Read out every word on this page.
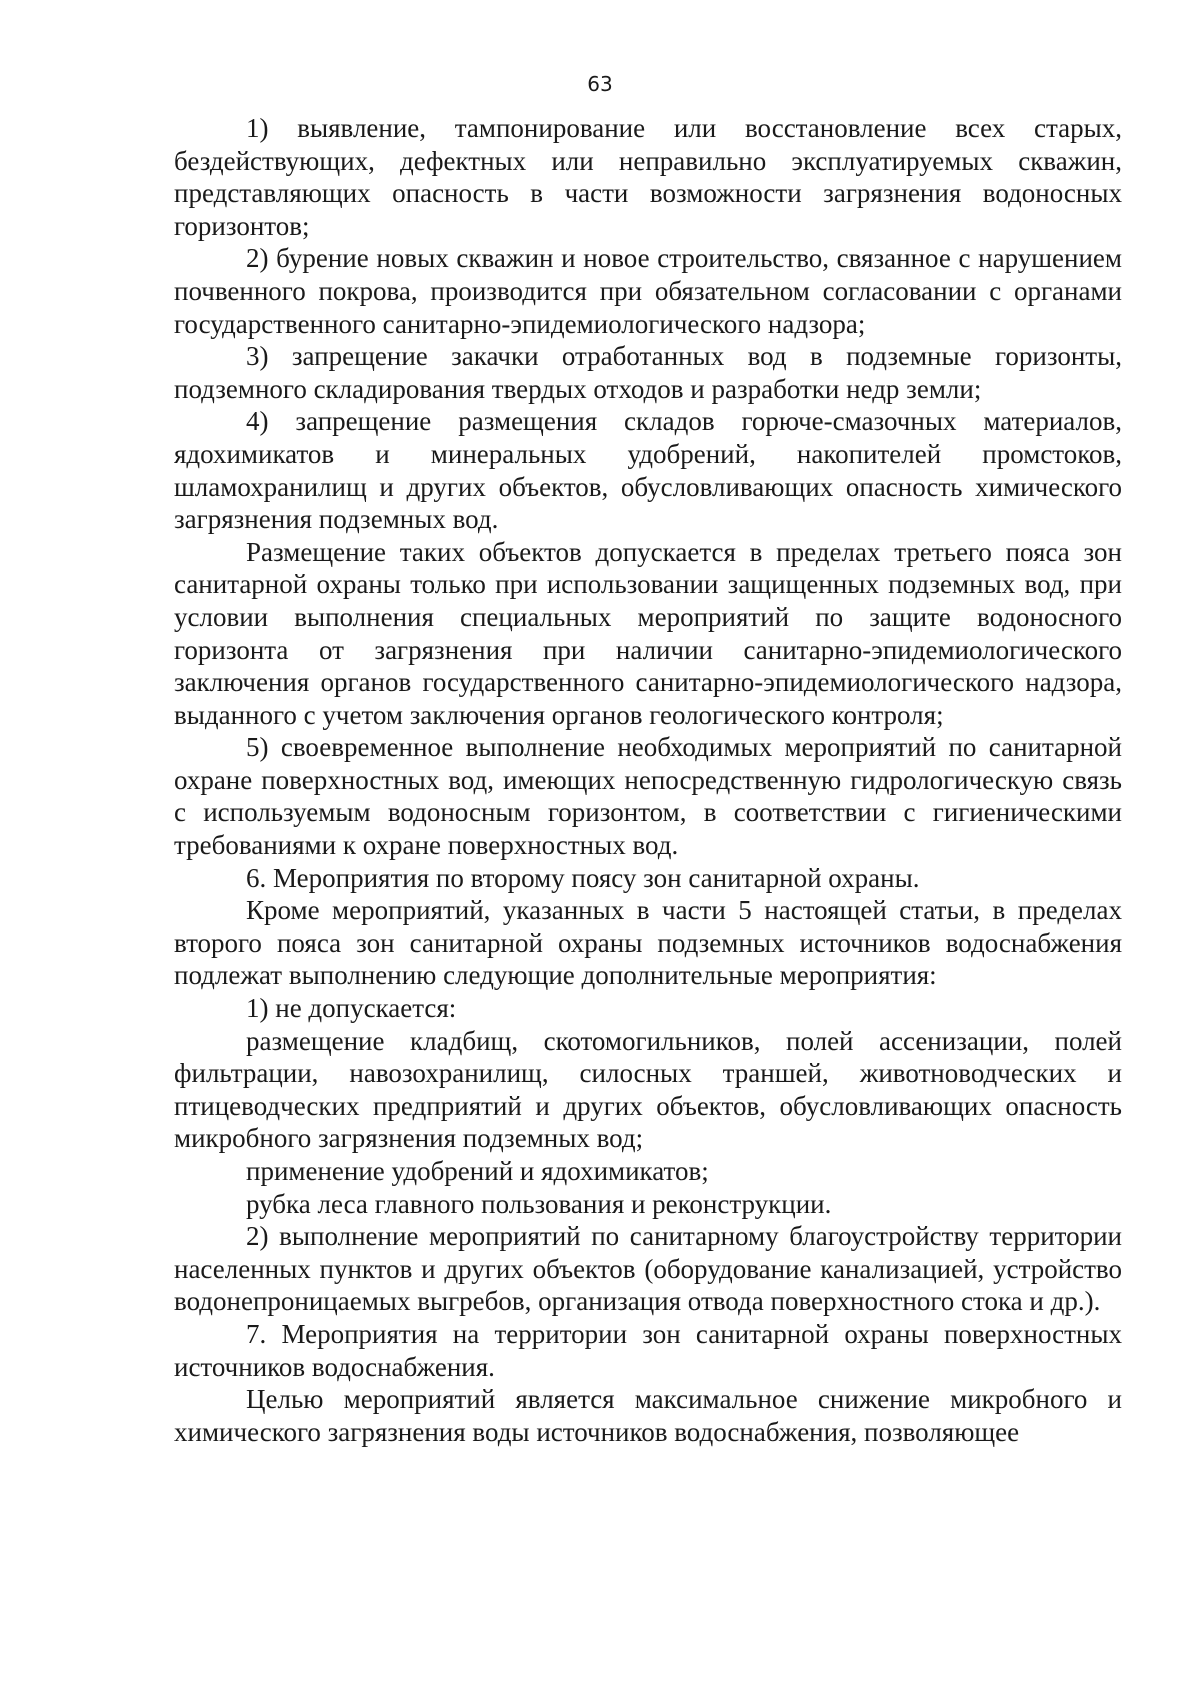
63

1) выявление, тампонирование или восстановление всех старых, бездействующих, дефектных или неправильно эксплуатируемых скважин, представляющих опасность в части возможности загрязнения водоносных горизонтов;

2) бурение новых скважин и новое строительство, связанное с нарушением почвенного покрова, производится при обязательном согласовании с органами государственного санитарно-эпидемиологического надзора;

3) запрещение закачки отработанных вод в подземные горизонты, подземного складирования твердых отходов и разработки недр земли;

4) запрещение размещения складов горюче-смазочных материалов, ядохимикатов и минеральных удобрений, накопителей промстоков, шламохранилищ и других объектов, обусловливающих опасность химического загрязнения подземных вод.

Размещение таких объектов допускается в пределах третьего пояса зон санитарной охраны только при использовании защищенных подземных вод, при условии выполнения специальных мероприятий по защите водоносного горизонта от загрязнения при наличии санитарно-эпидемиологического заключения органов государственного санитарно-эпидемиологического надзора, выданного с учетом заключения органов геологического контроля;

5) своевременное выполнение необходимых мероприятий по санитарной охране поверхностных вод, имеющих непосредственную гидрологическую связь с используемым водоносным горизонтом, в соответствии с гигиеническими требованиями к охране поверхностных вод.

6. Мероприятия по второму поясу зон санитарной охраны.

Кроме мероприятий, указанных в части 5 настоящей статьи, в пределах второго пояса зон санитарной охраны подземных источников водоснабжения подлежат выполнению следующие дополнительные мероприятия:

1) не допускается:

размещение кладбищ, скотомогильников, полей ассенизации, полей фильтрации, навозохранилищ, силосных траншей, животноводческих и птицеводческих предприятий и других объектов, обусловливающих опасность микробного загрязнения подземных вод;

применение удобрений и ядохимикатов;

рубка леса главного пользования и реконструкции.

2) выполнение мероприятий по санитарному благоустройству территории населенных пунктов и других объектов (оборудование канализацией, устройство водонепроницаемых выгребов, организация отвода поверхностного стока и др.).

7. Мероприятия на территории зон санитарной охраны поверхностных источников водоснабжения.

Целью мероприятий является максимальное снижение микробного и химического загрязнения воды источников водоснабжения, позволяющее
